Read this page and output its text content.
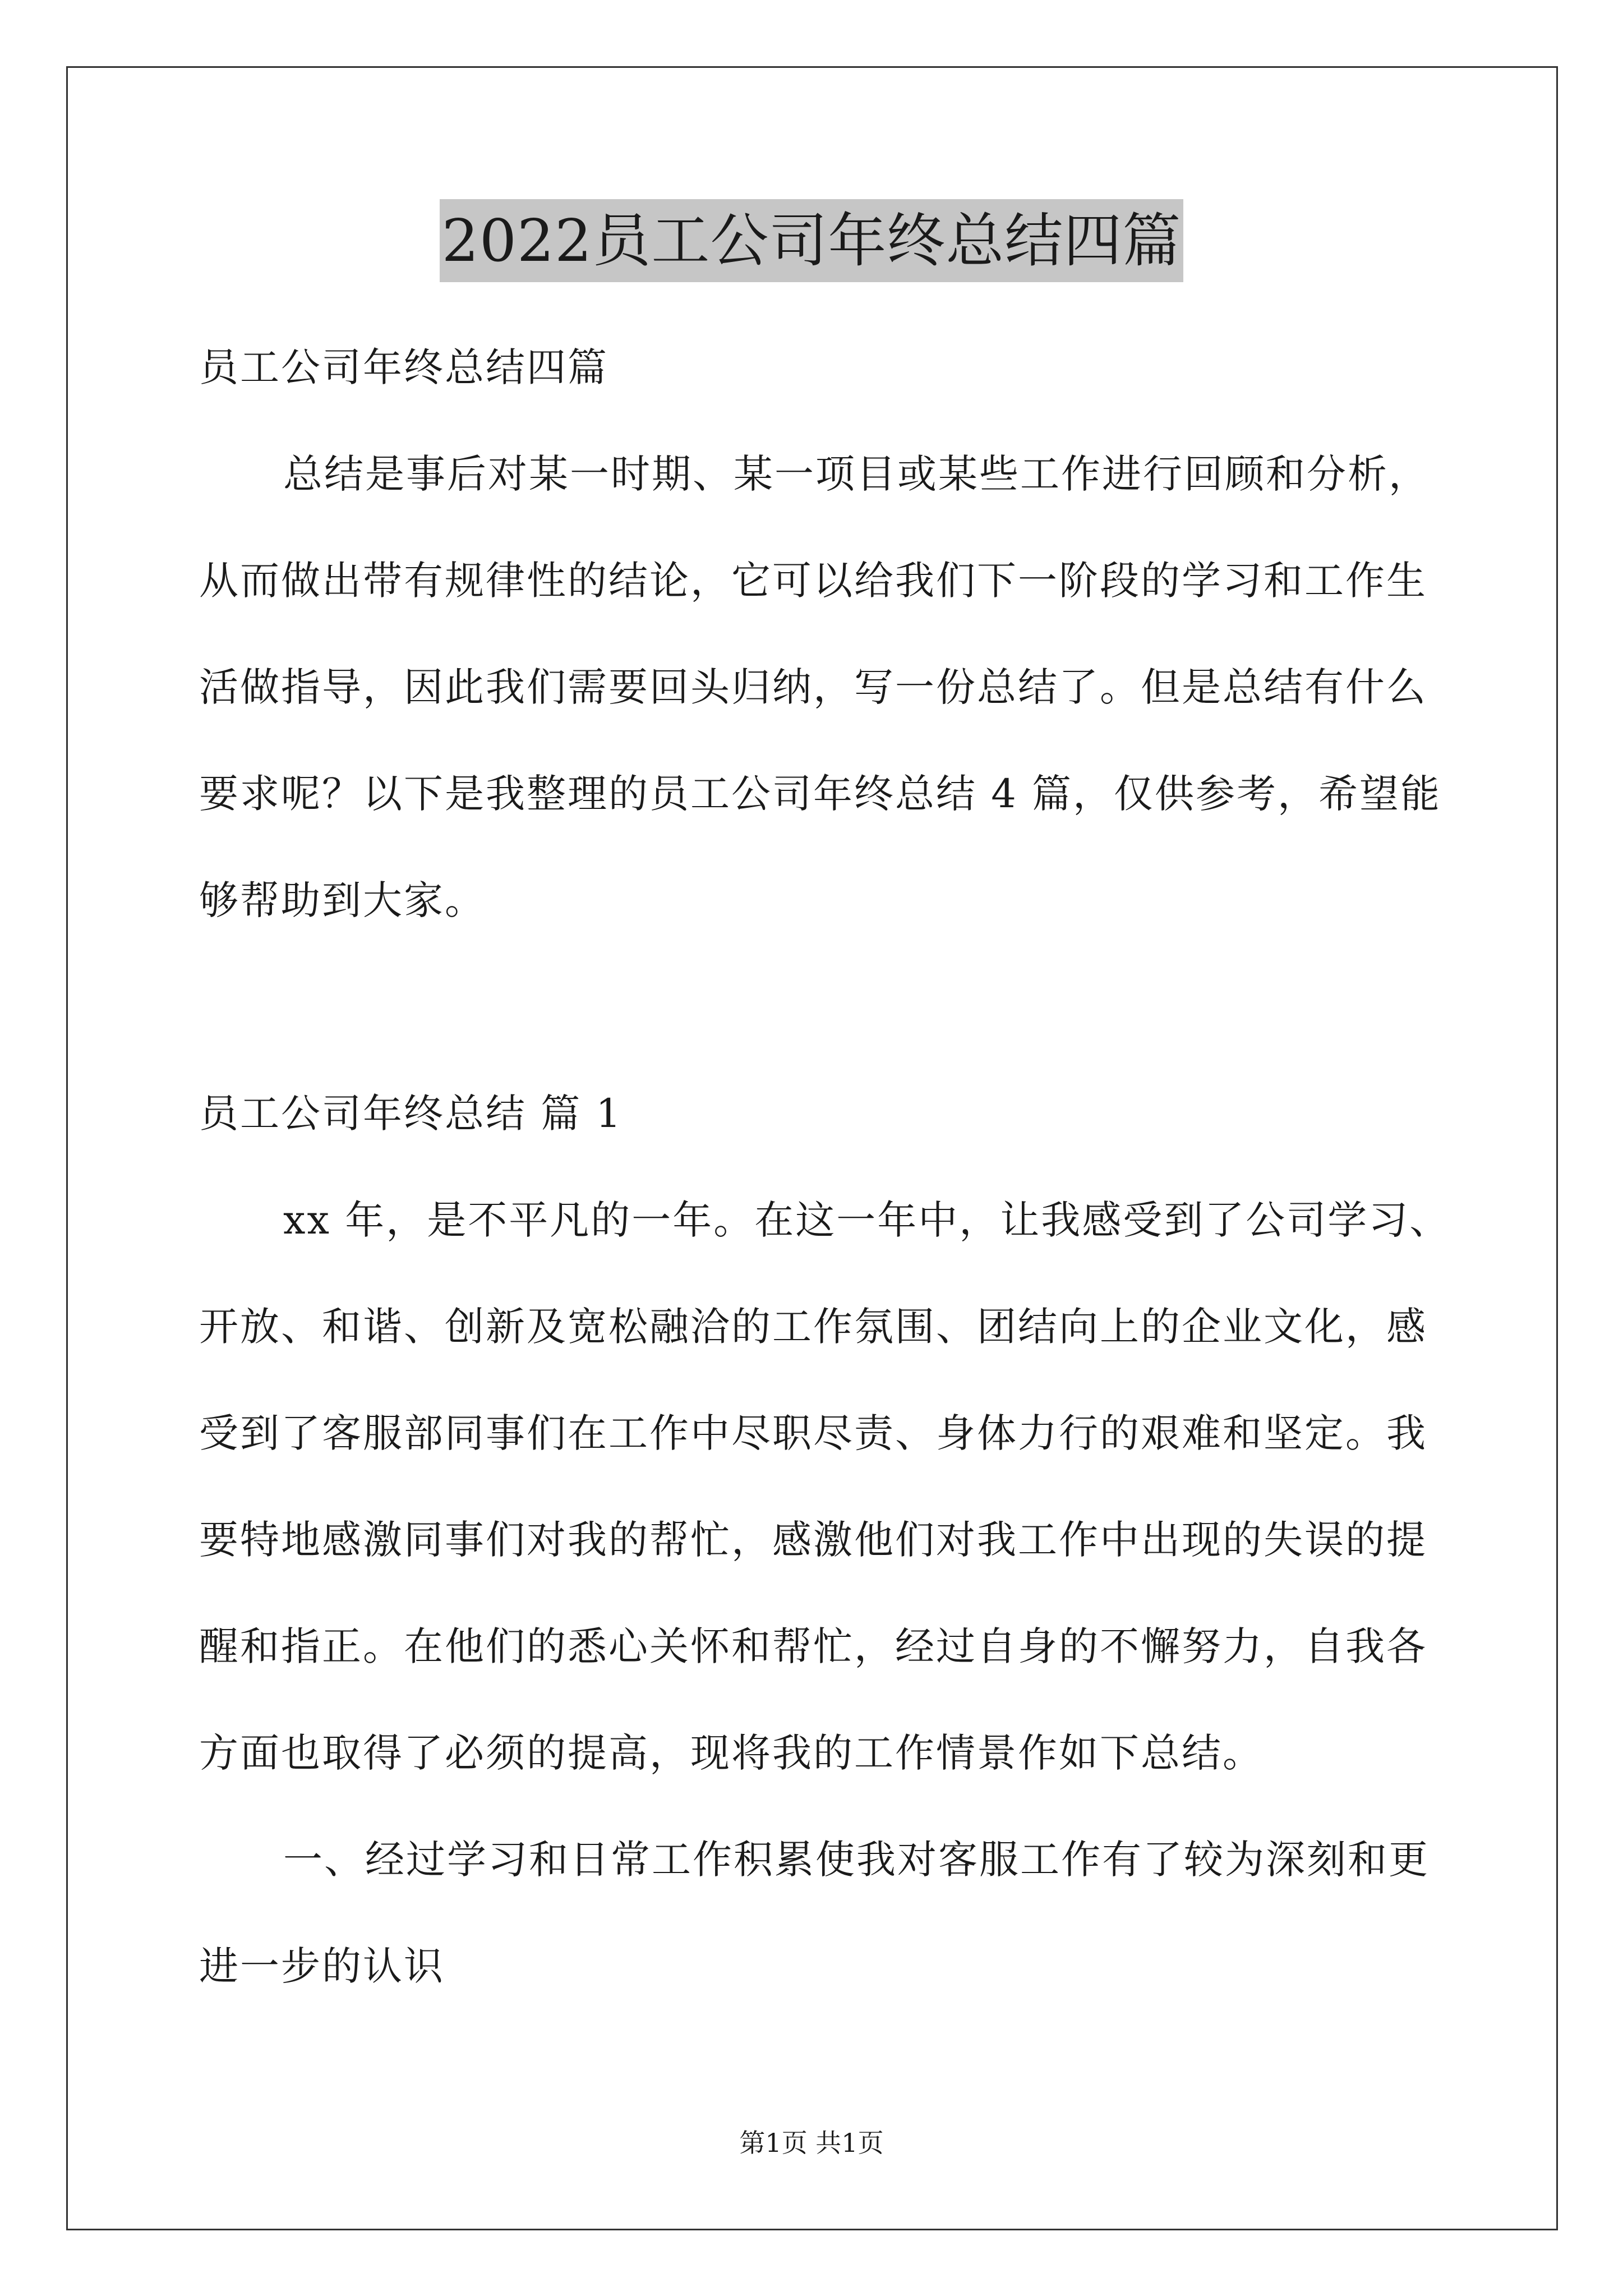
2022员工公司年终总结四篇

员工公司年终总结四篇

总结是事后对某一时期、某一项目或某些工作进行回顾和分析，

从而做出带有规律性的结论，它可以给我们下一阶段的学习和工作生

活做指导，因此我们需要回头归纳，写一份总结了。但是总结有什么

要求呢？以下是我整理的员工公司年终总结 4 篇，仅供参考，希望能

够帮助到大家。

员工公司年终总结 篇 1

xx 年，是不平凡的一年。在这一年中，让我感受到了公司学习、

开放、和谐、创新及宽松融洽的工作氛围、团结向上的企业文化，感

受到了客服部同事们在工作中尽职尽责、身体力行的艰难和坚定。我

要特地感激同事们对我的帮忙，感激他们对我工作中出现的失误的提

醒和指正。在他们的悉心关怀和帮忙，经过自身的不懈努力，自我各

方面也取得了必须的提高，现将我的工作情景作如下总结。

一、经过学习和日常工作积累使我对客服工作有了较为深刻和更

进一步的认识

第1页 共1页
